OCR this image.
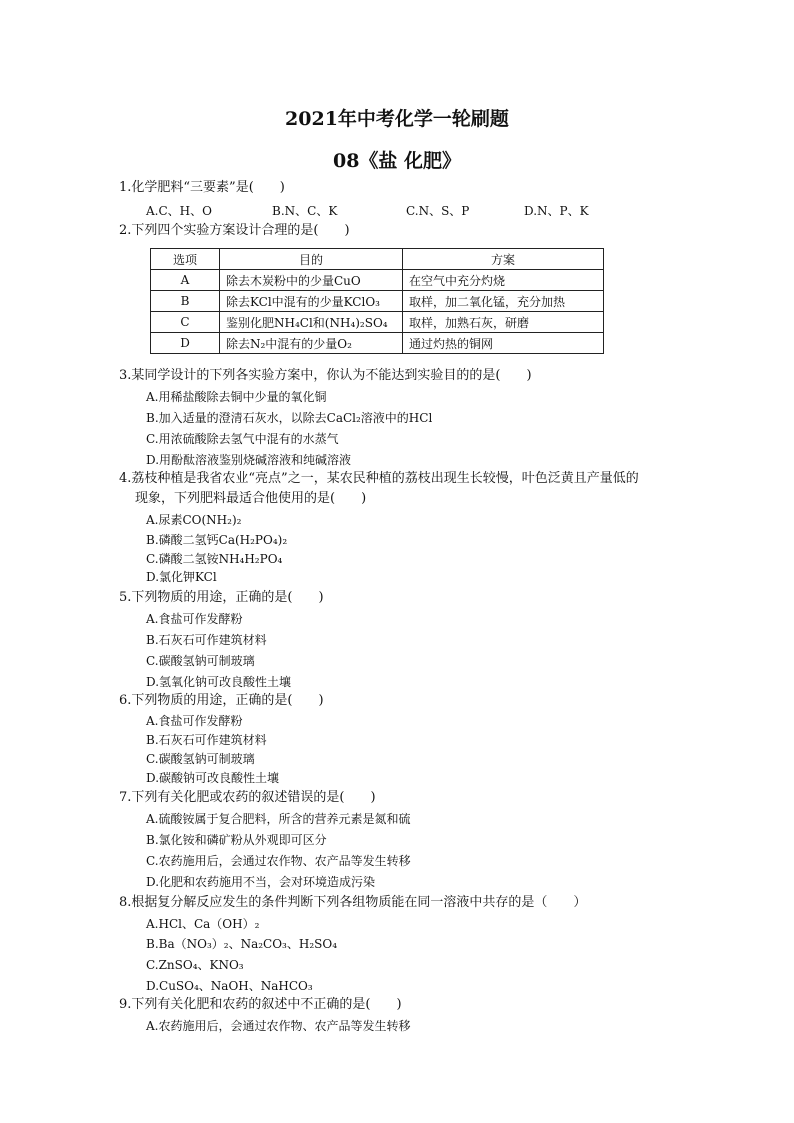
2021年中考化学一轮刷题
08《盐 化肥》
1.化学肥料“三要素”是(　　)
A.C、H、O	B.N、C、K	C.N、S、P	D.N、P、K
2.下列四个实验方案设计合理的是(　　)
选项	目的	方案
A	除去木炭粉中的少量CuO	在空气中充分灼烧
B	除去KCl中混有的少量KClO₃	取样，加二氧化锰，充分加热
C	鉴别化肥NH₄Cl和(NH₄)₂SO₄	取样，加熟石灰，研磨
D	除去N₂中混有的少量O₂	通过灼热的铜网
3.某同学设计的下列各实验方案中，你认为不能达到实验目的的是(　　)
A.用稀盐酸除去铜中少量的氧化铜
B.加入适量的澄清石灰水，以除去CaCl₂溶液中的HCl
C.用浓硫酸除去氢气中混有的水蒸气
D.用酚酞溶液鉴别烧碱溶液和纯碱溶液
4.荔枝种植是我省农业“亮点”之一，某农民种植的荔枝出现生长较慢，叶色泛黄且产量低的
现象，下列肥料最适合他使用的是(　　)
A.尿素CO(NH₂)₂
B.磷酸二氢钙Ca(H₂PO₄)₂
C.磷酸二氢铵NH₄H₂PO₄
D.氯化钾KCl
5.下列物质的用途，正确的是(　　)
A.食盐可作发酵粉
B.石灰石可作建筑材料
C.碳酸氢钠可制玻璃
D.氢氧化钠可改良酸性土壤
6.下列物质的用途，正确的是(　　)
A.食盐可作发酵粉
B.石灰石可作建筑材料
C.碳酸氢钠可制玻璃
D.碳酸钠可改良酸性土壤
7.下列有关化肥或农药的叙述错误的是(　　)
A.硫酸铵属于复合肥料，所含的营养元素是氮和硫
B.氯化铵和磷矿粉从外观即可区分
C.农药施用后，会通过农作物、农产品等发生转移
D.化肥和农药施用不当，会对环境造成污染
8.根据复分解反应发生的条件判断下列各组物质能在同一溶液中共存的是（　　）
A.HCl、Ca（OH）₂
B.Ba（NO₃）₂、Na₂CO₃、H₂SO₄
C.ZnSO₄、KNO₃
D.CuSO₄、NaOH、NaHCO₃
9.下列有关化肥和农药的叙述中不正确的是(　　)
A.农药施用后，会通过农作物、农产品等发生转移
